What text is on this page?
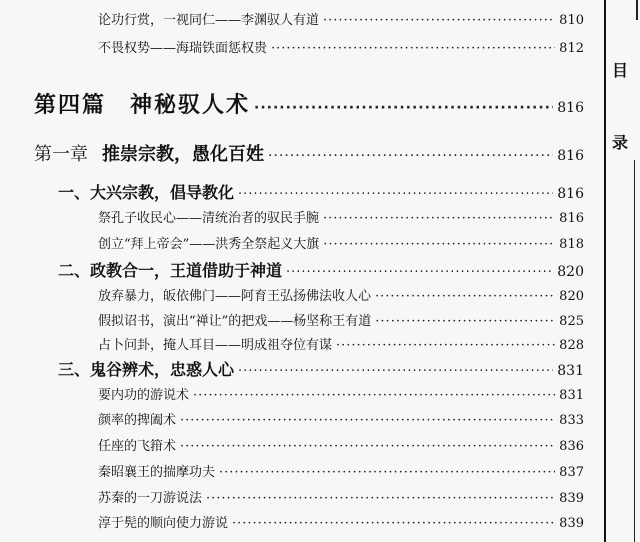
论功行赏，一视同仁——李渊驭人有道 ·····	810
不畏权势——海瑞铁面惩权贵 ·····	812
第四篇　神秘驭人术 ·····	816
第一章 推崇宗教，愚化百姓 ·····	816
一、大兴宗教，倡导教化 ·····	816
祭孔子收民心——清统治者的驭民手腕 ·····	816
创立“拜上帝会”——洪秀全祭起义大旗 ·····	818
二、政教合一，王道借助于神道 ·····	820
放弃暴力，皈依佛门——阿育王弘扬佛法收人心 ·····	820
假拟诏书，演出“禅让”的把戏——杨坚称王有道 ·····	825
占卜问卦，掩人耳目——明成祖夺位有谋 ·····	828
三、鬼谷辨术，忠惑人心 ·····	831
要内功的游说术 ·····	831
颜率的捭阖术 ·····	833
任座的飞箝术 ·····	836
秦昭襄王的揣摩功夫 ·····	837
苏秦的一刀游说法 ·····	839
淳于髡的顺向使力游说 ·····	839
目
录
